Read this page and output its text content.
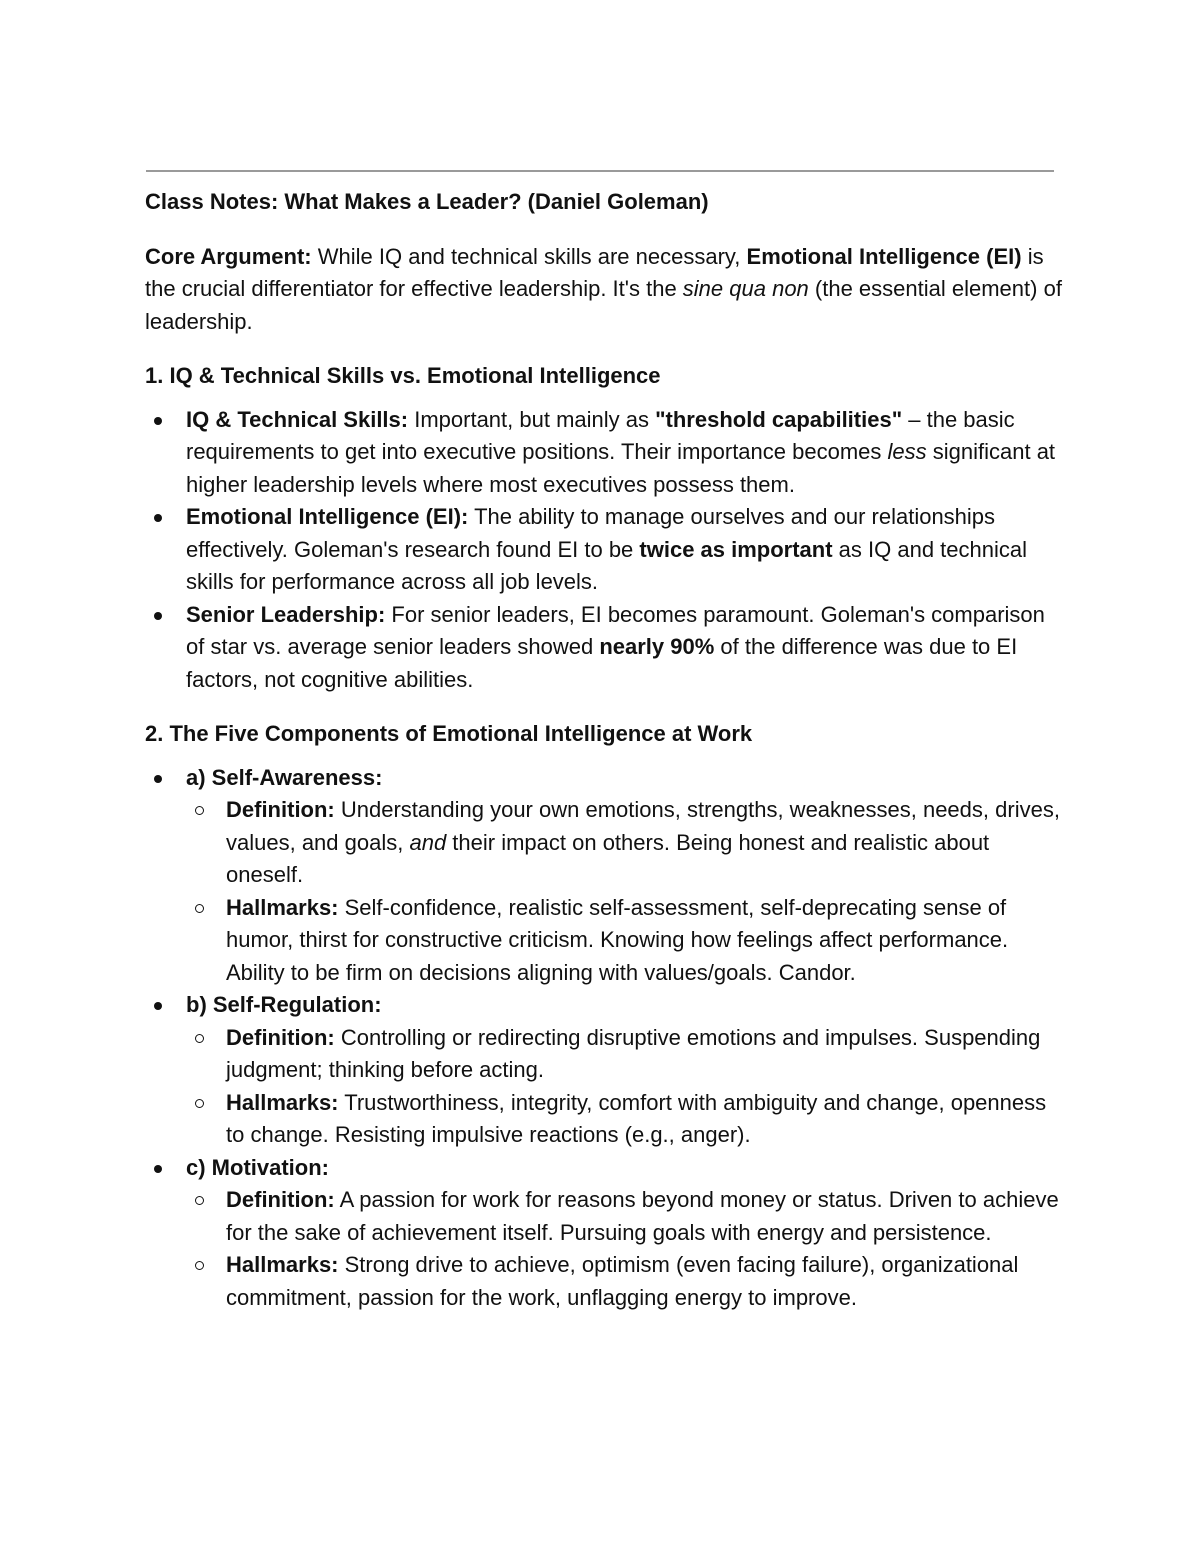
Class Notes: What Makes a Leader? (Daniel Goleman)

Core Argument: While IQ and technical skills are necessary, Emotional Intelligence (EI) is the crucial differentiator for effective leadership. It's the sine qua non (the essential element) of leadership.

1. IQ & Technical Skills vs. Emotional Intelligence
IQ & Technical Skills: Important, but mainly as "threshold capabilities" – the basic requirements to get into executive positions. Their importance becomes less significant at higher leadership levels where most executives possess them.
Emotional Intelligence (EI): The ability to manage ourselves and our relationships effectively. Goleman's research found EI to be twice as important as IQ and technical skills for performance across all job levels.
Senior Leadership: For senior leaders, EI becomes paramount. Goleman's comparison of star vs. average senior leaders showed nearly 90% of the difference was due to EI factors, not cognitive abilities.
2. The Five Components of Emotional Intelligence at Work
a) Self-Awareness:
Definition: Understanding your own emotions, strengths, weaknesses, needs, drives, values, and goals, and their impact on others. Being honest and realistic about oneself.
Hallmarks: Self-confidence, realistic self-assessment, self-deprecating sense of humor, thirst for constructive criticism. Knowing how feelings affect performance. Ability to be firm on decisions aligning with values/goals. Candor.
b) Self-Regulation:
Definition: Controlling or redirecting disruptive emotions and impulses. Suspending judgment; thinking before acting.
Hallmarks: Trustworthiness, integrity, comfort with ambiguity and change, openness to change. Resisting impulsive reactions (e.g., anger).
c) Motivation:
Definition: A passion for work for reasons beyond money or status. Driven to achieve for the sake of achievement itself. Pursuing goals with energy and persistence.
Hallmarks: Strong drive to achieve, optimism (even facing failure), organizational commitment, passion for the work, unflagging energy to improve.
